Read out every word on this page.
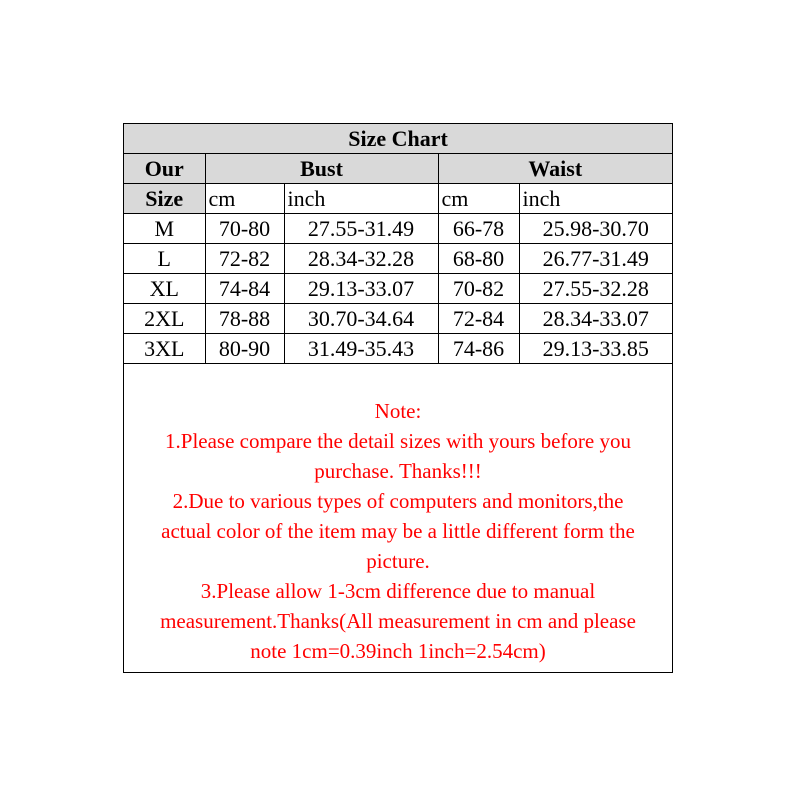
Size Chart				
Our	Bust		Waist	
Size	cm	inch	cm	inch
M	70-80	27.55-31.49	66-78	25.98-30.70
L	72-82	28.34-32.28	68-80	26.77-31.49
XL	74-84	29.13-33.07	70-82	27.55-32.28
2XL	78-88	30.70-34.64	72-84	28.34-33.07
3XL	80-90	31.49-35.43	74-86	29.13-33.85
Note:
1.Please compare the detail sizes with yours before you
purchase. Thanks!!!
2.Due to various types of computers and monitors,the
actual color of the item may be a little different form the
picture.
3.Please allow 1-3cm difference due to manual
measurement.Thanks(All measurement in cm and please
note 1cm=0.39inch 1inch=2.54cm)
